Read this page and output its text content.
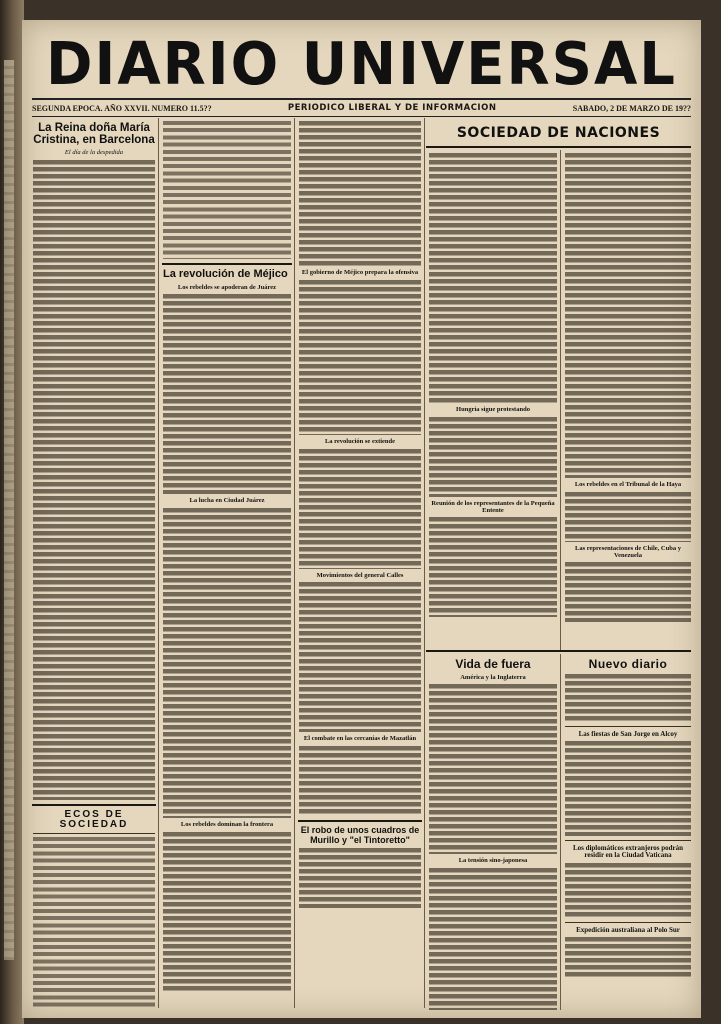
DIARIO UNIVERSAL
SEGUNDA EPOCA. AÑO XXVII. NUMERO 11.5??	PERIODICO LIBERAL Y DE INFORMACION	SABADO, 2 DE MARZO DE 19??
La Reina doña María Cristina, en Barcelona
El día de la despedida
ECOS DE SOCIEDAD
La revolución de Méjico
Los rebeldes se apoderan de Juárez
La lucha en Ciudad Juárez
Los rebeldes dominan la frontera
El gobierno de Méjico prepara la ofensiva
La revolución se extiende
Movimientos del general Calles
El combate en las cercanías de Mazatlán
El robo de unos cuadros de Murillo y "el Tintoretto"
SOCIEDAD DE NACIONES
Hungría sigue protestando
Reunión de los representantes de la Pequeña Entente
Los rebeldes en el Tribunal de la Haya
Las representaciones de Chile, Cuba y Venezuela
Vida de fuera
América y la Inglaterra
La tensión sino-japonesa
Nuevo diario
Las fiestas de San Jorge en Alcoy
Los diplomáticos extranjeros podrán residir en la Ciudad Vaticana
Expedición australiana al Polo Sur
